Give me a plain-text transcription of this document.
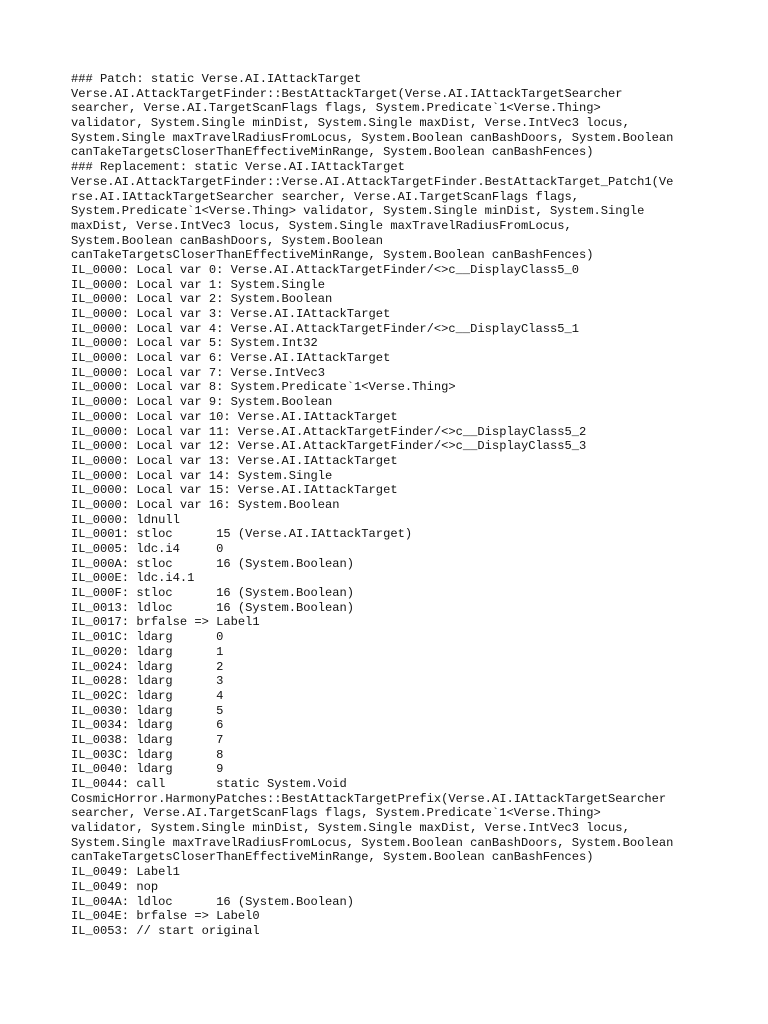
### Patch: static Verse.AI.IAttackTarget
Verse.AI.AttackTargetFinder::BestAttackTarget(Verse.AI.IAttackTargetSearcher
searcher, Verse.AI.TargetScanFlags flags, System.Predicate`1<Verse.Thing>
validator, System.Single minDist, System.Single maxDist, Verse.IntVec3 locus,
System.Single maxTravelRadiusFromLocus, System.Boolean canBashDoors, System.Boolean
canTakeTargetsCloserThanEffectiveMinRange, System.Boolean canBashFences)
### Replacement: static Verse.AI.IAttackTarget
Verse.AI.AttackTargetFinder::Verse.AI.AttackTargetFinder.BestAttackTarget_Patch1(Ve
rse.AI.IAttackTargetSearcher searcher, Verse.AI.TargetScanFlags flags,
System.Predicate`1<Verse.Thing> validator, System.Single minDist, System.Single
maxDist, Verse.IntVec3 locus, System.Single maxTravelRadiusFromLocus,
System.Boolean canBashDoors, System.Boolean
canTakeTargetsCloserThanEffectiveMinRange, System.Boolean canBashFences)
IL_0000: Local var 0: Verse.AI.AttackTargetFinder/<>c__DisplayClass5_0
IL_0000: Local var 1: System.Single
IL_0000: Local var 2: System.Boolean
IL_0000: Local var 3: Verse.AI.IAttackTarget
IL_0000: Local var 4: Verse.AI.AttackTargetFinder/<>c__DisplayClass5_1
IL_0000: Local var 5: System.Int32
IL_0000: Local var 6: Verse.AI.IAttackTarget
IL_0000: Local var 7: Verse.IntVec3
IL_0000: Local var 8: System.Predicate`1<Verse.Thing>
IL_0000: Local var 9: System.Boolean
IL_0000: Local var 10: Verse.AI.IAttackTarget
IL_0000: Local var 11: Verse.AI.AttackTargetFinder/<>c__DisplayClass5_2
IL_0000: Local var 12: Verse.AI.AttackTargetFinder/<>c__DisplayClass5_3
IL_0000: Local var 13: Verse.AI.IAttackTarget
IL_0000: Local var 14: System.Single
IL_0000: Local var 15: Verse.AI.IAttackTarget
IL_0000: Local var 16: System.Boolean
IL_0000: ldnull
IL_0001: stloc      15 (Verse.AI.IAttackTarget)
IL_0005: ldc.i4     0
IL_000A: stloc      16 (System.Boolean)
IL_000E: ldc.i4.1
IL_000F: stloc      16 (System.Boolean)
IL_0013: ldloc      16 (System.Boolean)
IL_0017: brfalse => Label1
IL_001C: ldarg      0
IL_0020: ldarg      1
IL_0024: ldarg      2
IL_0028: ldarg      3
IL_002C: ldarg      4
IL_0030: ldarg      5
IL_0034: ldarg      6
IL_0038: ldarg      7
IL_003C: ldarg      8
IL_0040: ldarg      9
IL_0044: call       static System.Void
CosmicHorror.HarmonyPatches::BestAttackTargetPrefix(Verse.AI.IAttackTargetSearcher
searcher, Verse.AI.TargetScanFlags flags, System.Predicate`1<Verse.Thing>
validator, System.Single minDist, System.Single maxDist, Verse.IntVec3 locus,
System.Single maxTravelRadiusFromLocus, System.Boolean canBashDoors, System.Boolean
canTakeTargetsCloserThanEffectiveMinRange, System.Boolean canBashFences)
IL_0049: Label1
IL_0049: nop
IL_004A: ldloc      16 (System.Boolean)
IL_004E: brfalse => Label0
IL_0053: // start original
